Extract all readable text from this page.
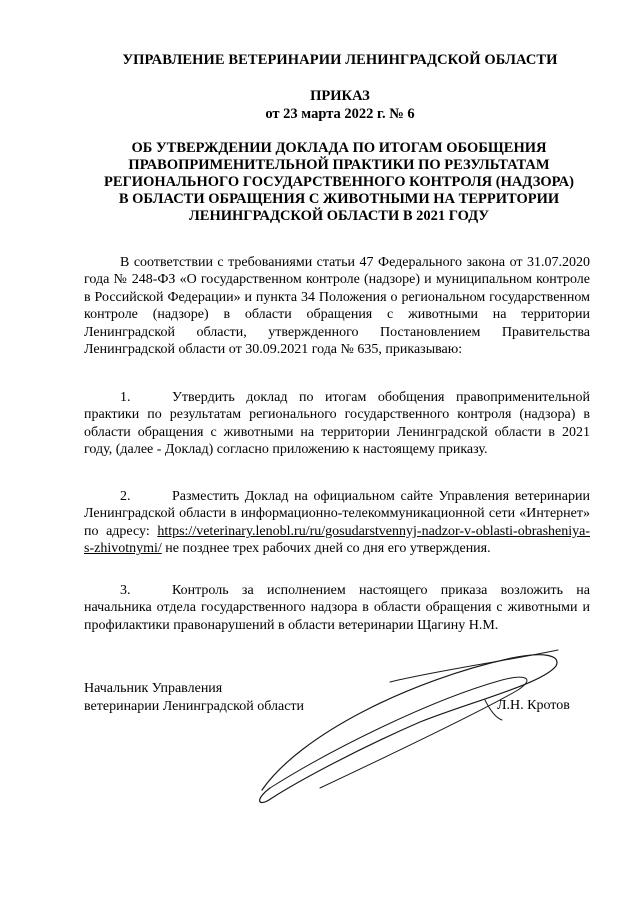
УПРАВЛЕНИЕ ВЕТЕРИНАРИИ ЛЕНИНГРАДСКОЙ ОБЛАСТИ
ПРИКАЗ
от 23 марта 2022 г. № 6
ОБ УТВЕРЖДЕНИИ ДОКЛАДА ПО ИТОГАМ ОБОБЩЕНИЯ
ПРАВОПРИМЕНИТЕЛЬНОЙ ПРАКТИКИ ПО РЕЗУЛЬТАТАМ
РЕГИОНАЛЬНОГО ГОСУДАРСТВЕННОГО КОНТРОЛЯ (НАДЗОРА)
В ОБЛАСТИ ОБРАЩЕНИЯ С ЖИВОТНЫМИ НА ТЕРРИТОРИИ
ЛЕНИНГРАДСКОЙ ОБЛАСТИ В 2021 ГОДУ
В соответствии с требованиями статьи 47 Федерального закона от 31.07.2020 года № 248-ФЗ «О государственном контроле (надзоре) и муниципальном контроле в Российской Федерации» и пункта 34 Положения о региональном государственном контроле (надзоре) в области обращения с животными на территории Ленинградской области, утвержденного Постановлением Правительства Ленинградской области от 30.09.2021 года № 635, приказываю:
1.	Утвердить доклад по итогам обобщения правоприменительной практики по результатам регионального государственного контроля (надзора) в области обращения с животными на территории Ленинградской области в 2021 году, (далее - Доклад) согласно приложению к настоящему приказу.
2.	Разместить Доклад на официальном сайте Управления ветеринарии Ленинградской области в информационно-телекоммуникационной сети «Интернет» по адресу: https://veterinary.lenobl.ru/ru/gosudarstvennyj-nadzor-v-oblasti-obrasheniya-s-zhivotnymi/ не позднее трех рабочих дней со дня его утверждения.
3.	Контроль за исполнением настоящего приказа возложить на начальника отдела государственного надзора в области обращения с животными и профилактики правонарушений в области ветеринарии Щагину Н.М.
Начальник Управления
ветеринарии Ленинградской области	Л.Н. Кротов
